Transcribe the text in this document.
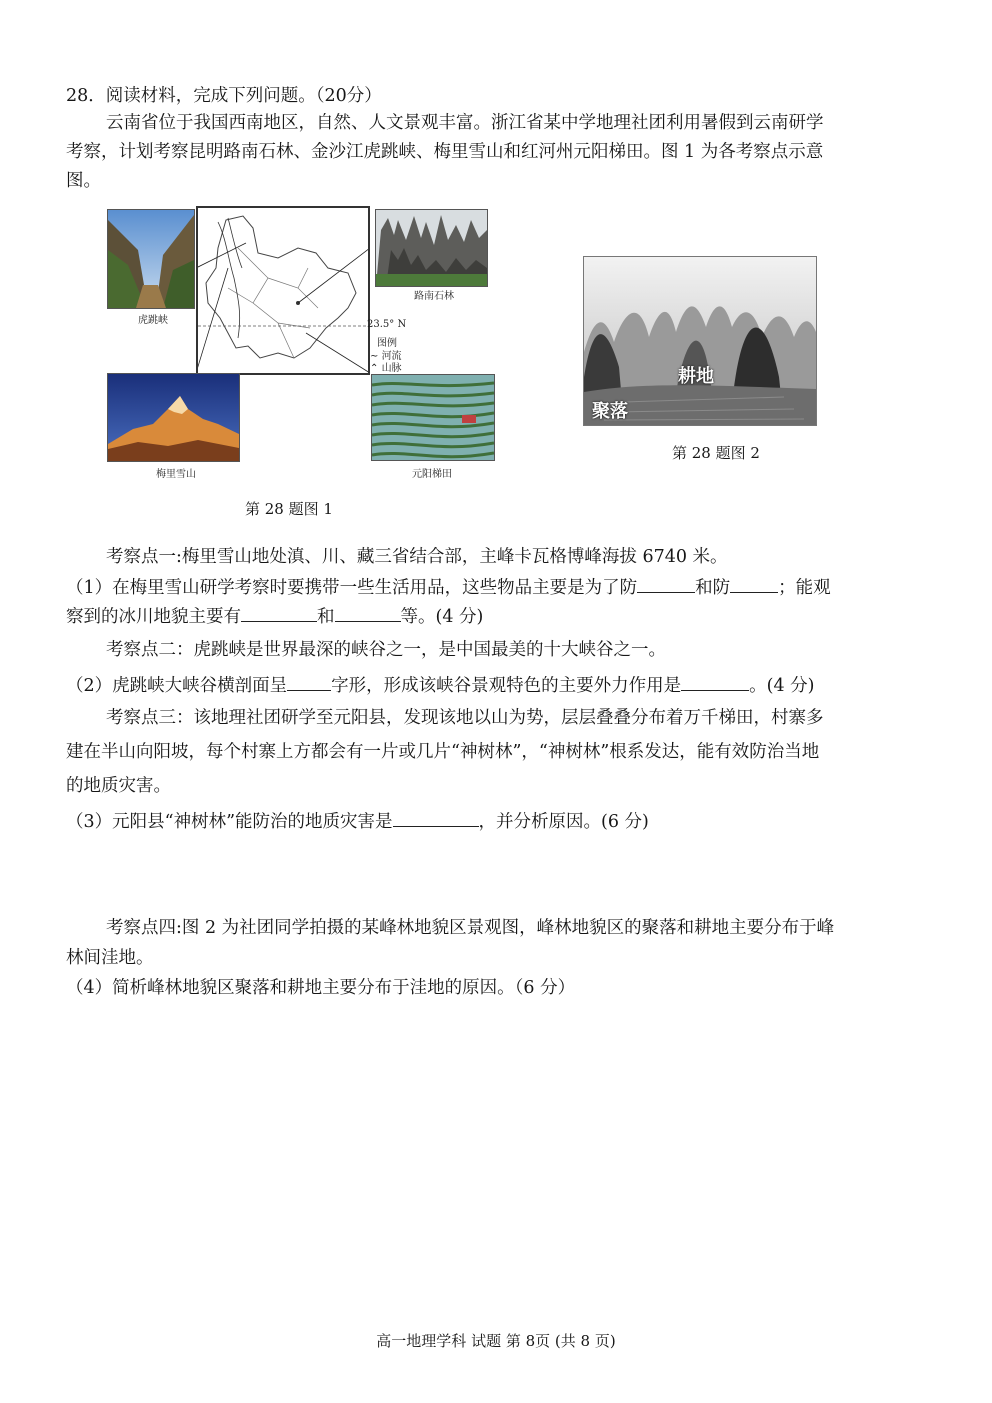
28．阅读材料，完成下列问题。（20分）
云南省位于我国西南地区，自然、人文景观丰富。浙江省某中学地理社团利用暑假到云南研学
考察，计划考察昆明路南石林、金沙江虎跳峡、梅里雪山和红河州元阳梯田。图 1 为各考察点示意
图。
虎跳峡	23.5° N
图例
∼ 河流
⌃ 山脉
路南石林
梅里雪山	元阳梯田
第 28 题图 1
耕地
聚落
第 28 题图 2
考察点一:梅里雪山地处滇、川、藏三省结合部，主峰卡瓦格博峰海拔 6740 米。
（1）在梅里雪山研学考察时要携带一些生活用品，这些物品主要是为了防	和防	；能观
察到的冰川地貌主要有	和	等。(4 分)
考察点二：虎跳峡是世界最深的峡谷之一，是中国最美的十大峡谷之一。
（2）虎跳峡大峡谷横剖面呈	字形，形成该峡谷景观特色的主要外力作用是	。(4 分)
考察点三：该地理社团研学至元阳县，发现该地以山为势，层层叠叠分布着万千梯田，村寨多
建在半山向阳坡，每个村寨上方都会有一片或几片“神树林”，“神树林”根系发达，能有效防治当地
的地质灾害。
（3）元阳县“神树林”能防治的地质灾害是	，并分析原因。(6 分)
考察点四:图 2 为社团同学拍摄的某峰林地貌区景观图，峰林地貌区的聚落和耕地主要分布于峰
林间洼地。
（4）简析峰林地貌区聚落和耕地主要分布于洼地的原因。（6 分）
高一地理学科 试题 第 8页 (共 8 页)
